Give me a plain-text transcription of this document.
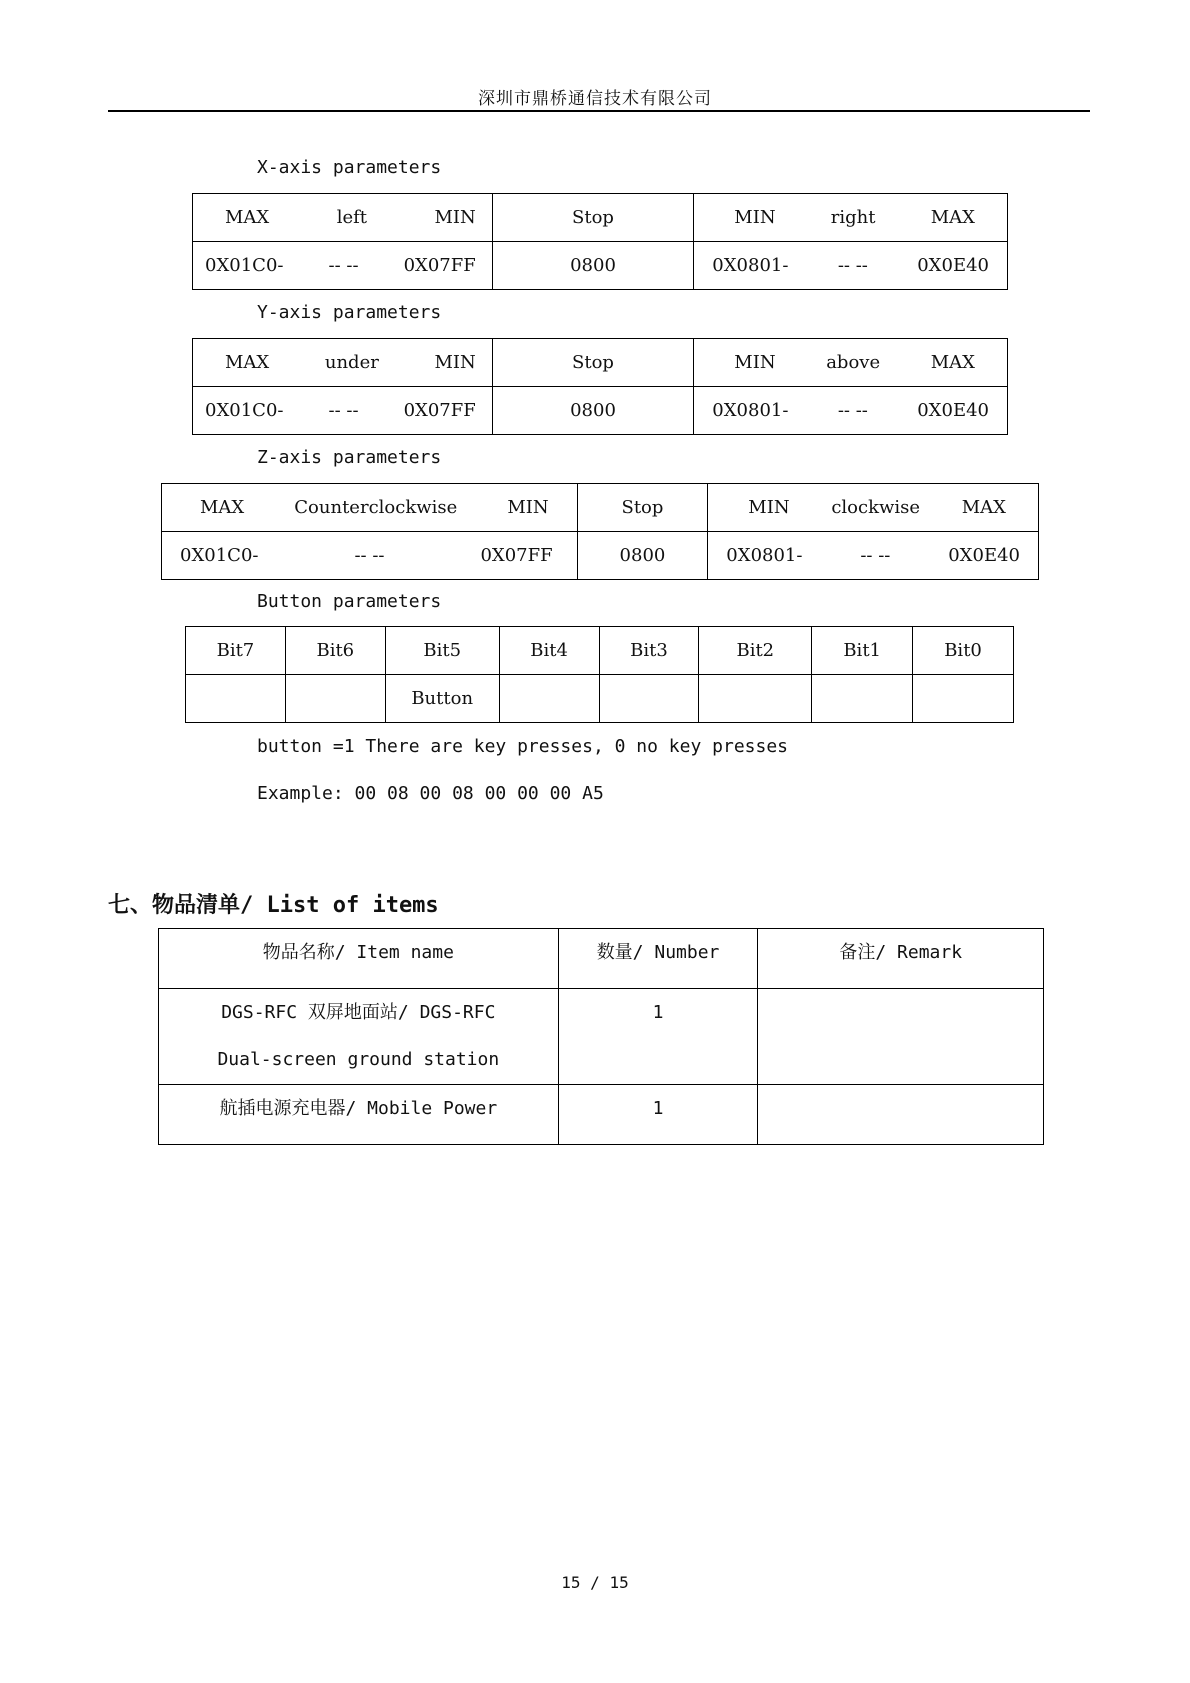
深圳市鼎桥通信技术有限公司
X-axis parameters
MAX left MIN	Stop	MIN right MAX

0X01C0- -- -- 0X07FF	0800	0X0801- -- -- 0X0E40
Y-axis parameters
MAX under MIN	Stop	MIN above MAX

0X01C0- -- -- 0X07FF	0800	0X0801- -- -- 0X0E40
Z-axis parameters
MAX Counterclockwise MIN	Stop	MIN clockwise MAX

0X01C0- -- -- 0X07FF	0800	0X0801- -- -- 0X0E40
Button parameters
Bit7	Bit6	Bit5	Bit4	Bit3	Bit2	Bit1	Bit0
		Button					
button =1 There are key presses, 0 no key presses
Example: 00 08 00 08 00 00 00 A5
七、物品清单/ List of items
物品名称/ Item name	数量/ Number	备注/ Remark

DGS-RFC 双屏地面站/ DGS-RFC
Dual-screen ground station	1	

航插电源充电器/ Mobile Power	1	

15 / 15
